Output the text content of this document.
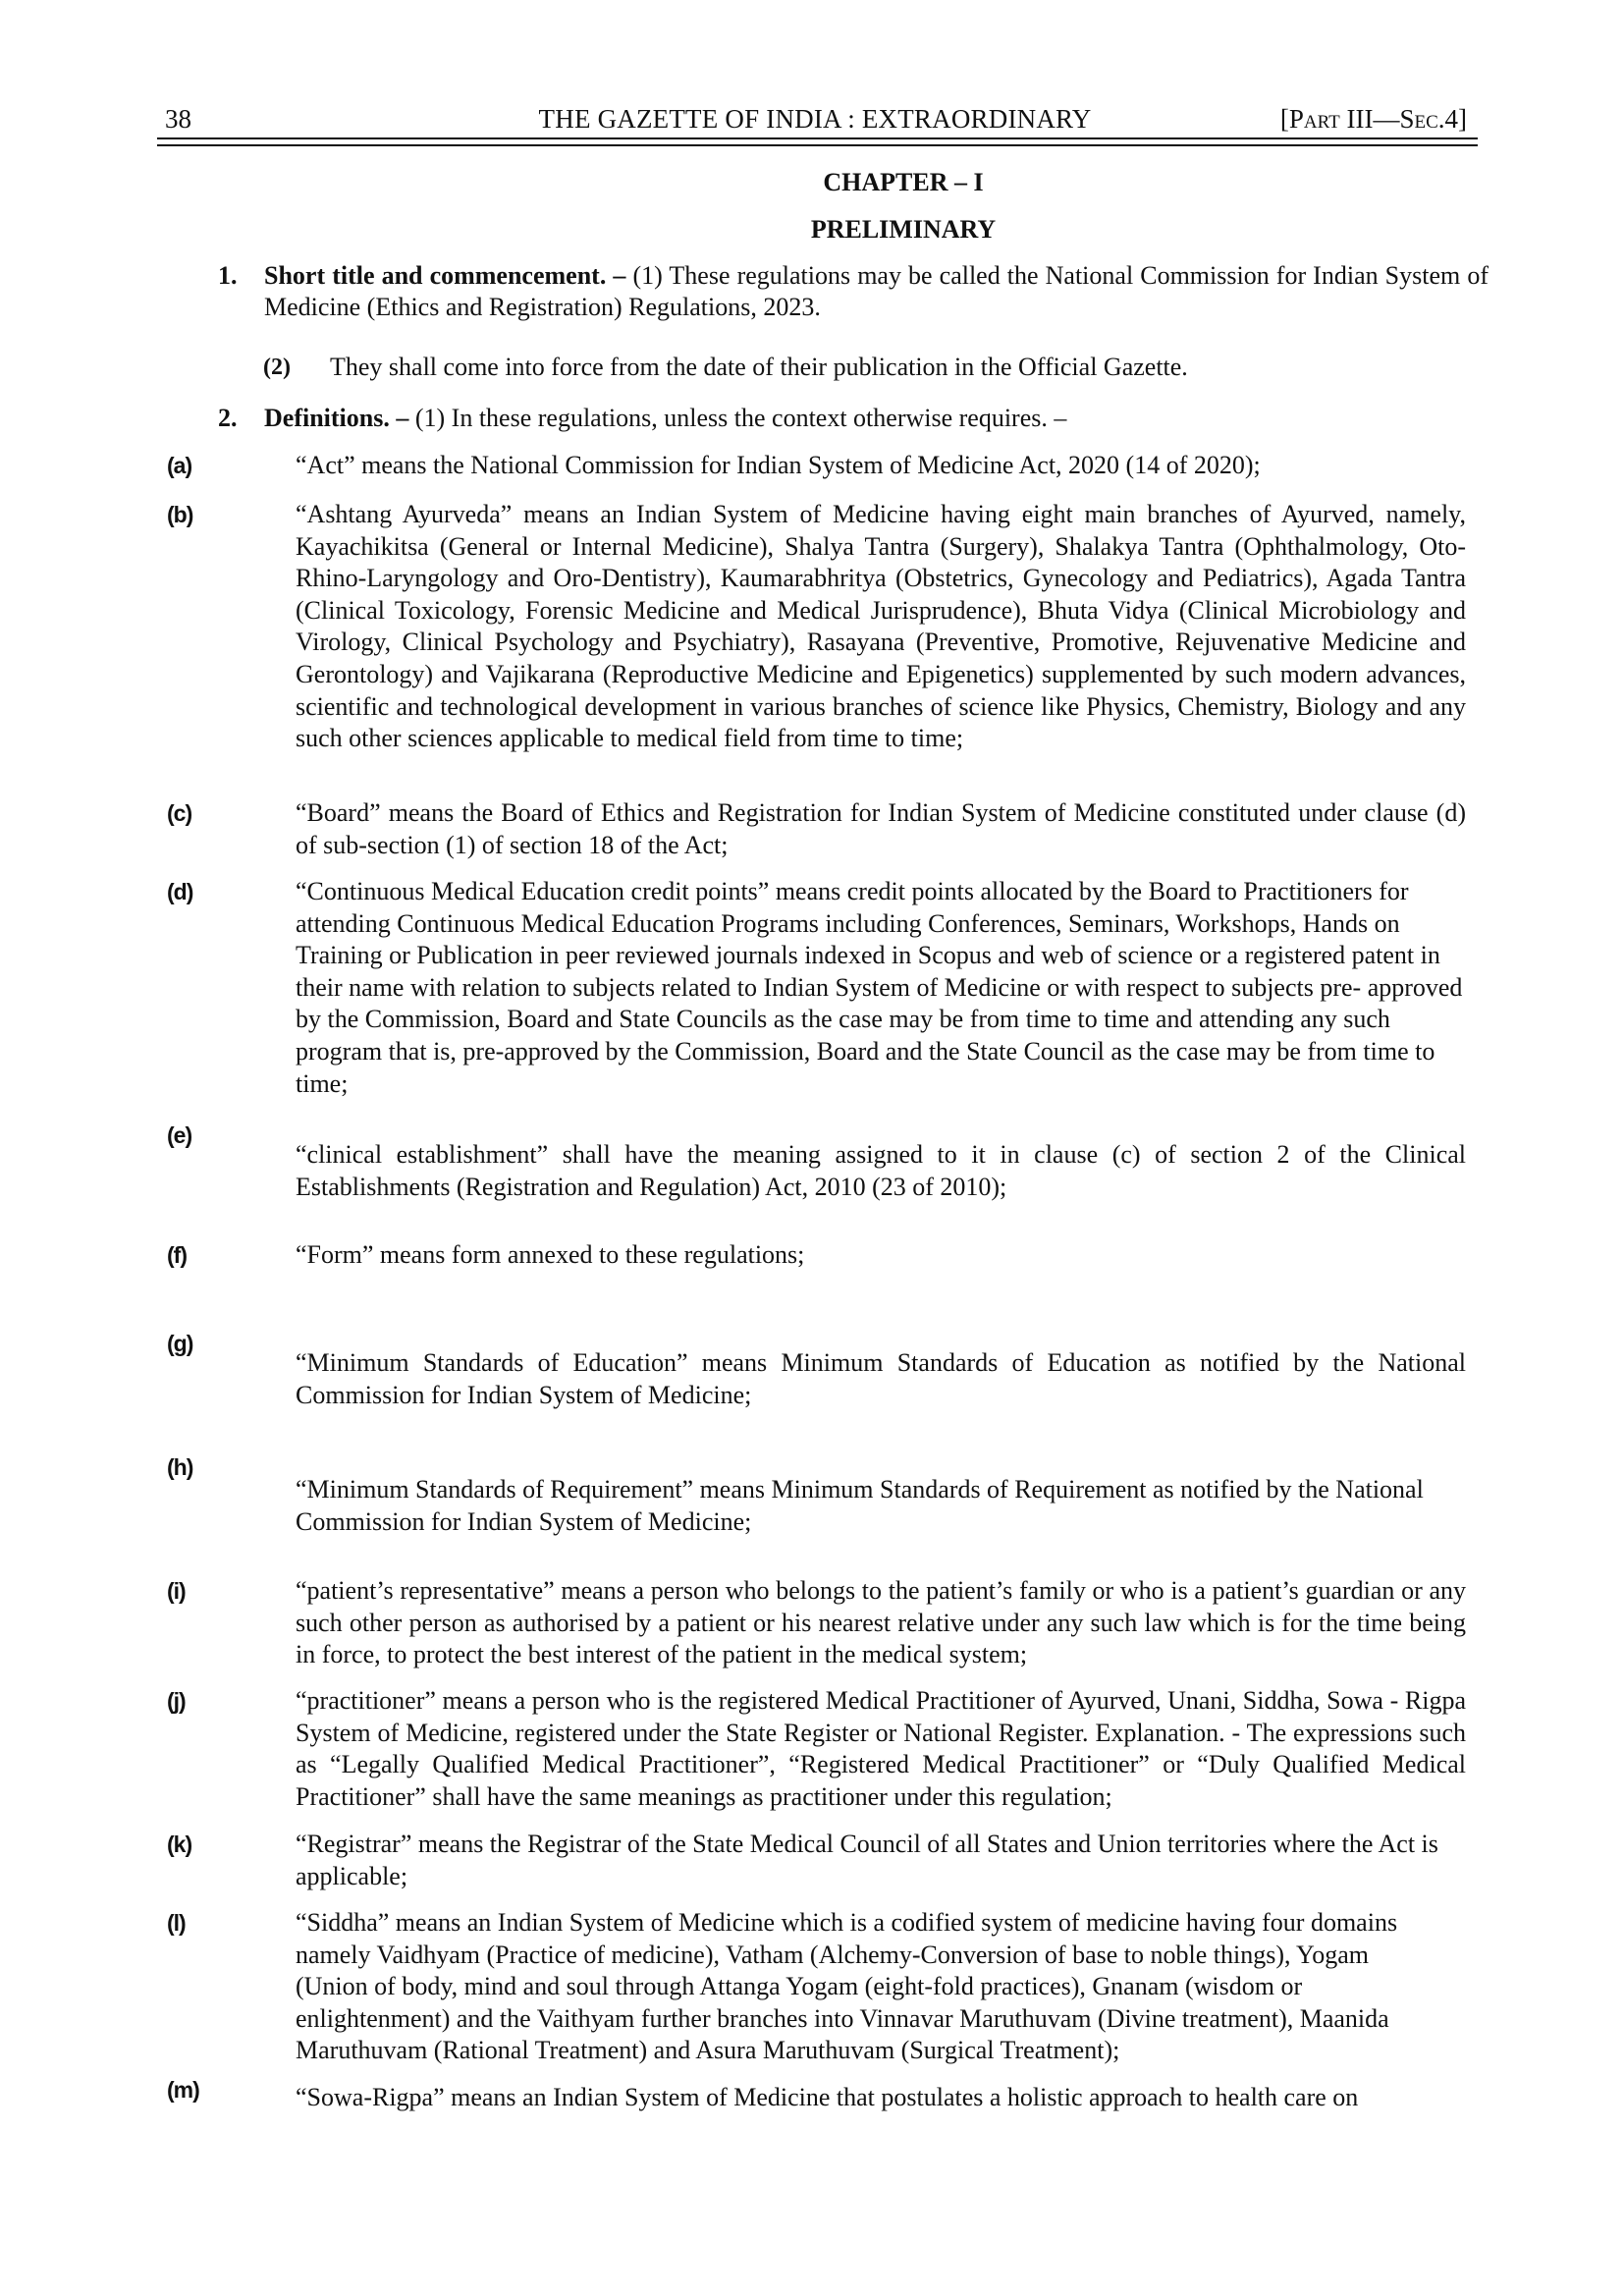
38	THE GAZETTE OF INDIA : EXTRAORDINARY	[Part III—Sec.4]
CHAPTER – I
PRELIMINARY
1. Short title and commencement. – (1) These regulations may be called the National Commission for Indian System of Medicine (Ethics and Registration) Regulations, 2023.
(2) They shall come into force from the date of their publication in the Official Gazette.
2. Definitions. – (1) In these regulations, unless the context otherwise requires. –
(a)	“Act” means the National Commission for Indian System of Medicine Act, 2020 (14 of 2020);
(b)	“Ashtang Ayurveda” means an Indian System of Medicine having eight main branches of Ayurved, namely, Kayachikitsa (General or Internal Medicine), Shalya Tantra (Surgery), Shalakya Tantra (Ophthalmology, Oto-Rhino-Laryngology and Oro-Dentistry), Kaumarabhritya (Obstetrics, Gynecology and Pediatrics), Agada Tantra (Clinical Toxicology, Forensic Medicine and Medical Jurisprudence), Bhuta Vidya (Clinical Microbiology and Virology, Clinical Psychology and Psychiatry), Rasayana (Preventive, Promotive, Rejuvenative Medicine and Gerontology) and Vajikarana (Reproductive Medicine and Epigenetics) supplemented by such modern advances, scientific and technological development in various branches of science like Physics, Chemistry, Biology and any such other sciences applicable to medical field from time to time;
(c)	“Board” means the Board of Ethics and Registration for Indian System of Medicine constituted under clause (d) of sub-section (1) of section 18 of the Act;
(d)	“Continuous Medical Education credit points” means credit points allocated by the Board to Practitioners for attending Continuous Medical Education Programs including Conferences, Seminars, Workshops, Hands on Training or Publication in peer reviewed journals indexed in Scopus and web of science or a registered patent in their name with relation to subjects related to Indian System of Medicine or with respect to subjects pre- approved by the Commission, Board and State Councils as the case may be from time to time and attending any such program that is, pre-approved by the Commission, Board and the State Council as the case may be from time to time;
(e)
“clinical establishment” shall have the meaning assigned to it in clause (c) of section 2 of the Clinical Establishments (Registration and Regulation) Act, 2010 (23 of 2010);
(f)	“Form” means form annexed to these regulations;
(g)
“Minimum Standards of Education” means Minimum Standards of Education as notified by the National Commission for Indian System of Medicine;
(h)
“Minimum Standards of Requirement” means Minimum Standards of Requirement as notified by the National Commission for Indian System of Medicine;
(i)	“patient’s representative” means a person who belongs to the patient’s family or who is a patient’s guardian or any such other person as authorised by a patient or his nearest relative under any such law which is for the time being in force, to protect the best interest of the patient in the medical system;
(j)	“practitioner” means a person who is the registered Medical Practitioner of Ayurved, Unani, Siddha, Sowa - Rigpa System of Medicine, registered under the State Register or National Register. Explanation. - The expressions such as “Legally Qualified Medical Practitioner”, “Registered Medical Practitioner” or “Duly Qualified Medical Practitioner” shall have the same meanings as practitioner under this regulation;
(k)	“Registrar” means the Registrar of the State Medical Council of all States and Union territories where the Act is applicable;
(l)	“Siddha” means an Indian System of Medicine which is a codified system of medicine having four domains namely Vaidhyam (Practice of medicine), Vatham (Alchemy-Conversion of base to noble things), Yogam (Union of body, mind and soul through Attanga Yogam (eight-fold practices), Gnanam (wisdom or enlightenment) and the Vaithyam further branches into Vinnavar Maruthuvam (Divine treatment), Maanida Maruthuvam (Rational Treatment) and Asura Maruthuvam (Surgical Treatment);
(m)	“Sowa-Rigpa” means an Indian System of Medicine that postulates a holistic approach to health care on
